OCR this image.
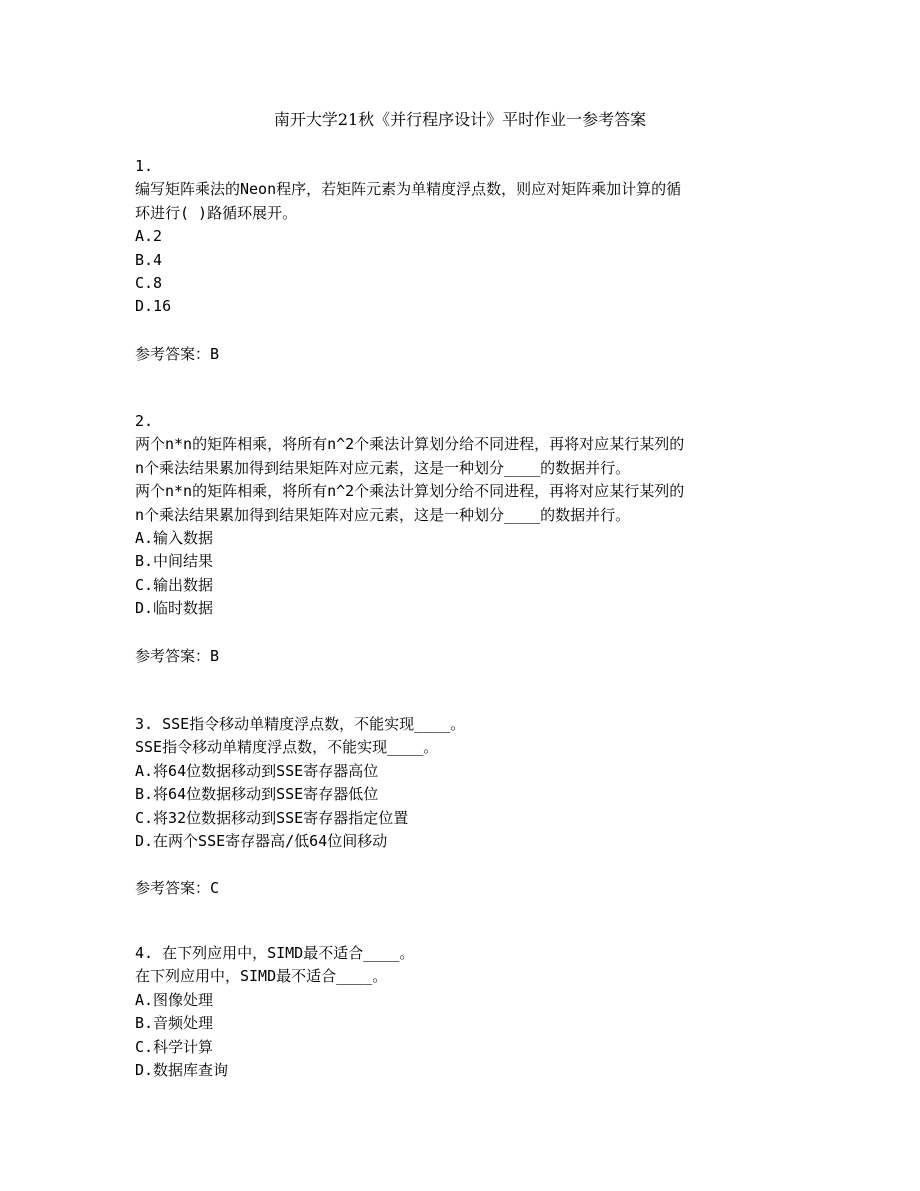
南开大学21秋《并行程序设计》平时作业一参考答案
1.
编写矩阵乘法的Neon程序，若矩阵元素为单精度浮点数，则应对矩阵乘加计算的循
环进行( )路循环展开。
A.2
B.4
C.8
D.16
参考答案：B
2.
两个n*n的矩阵相乘，将所有n^2个乘法计算划分给不同进程，再将对应某行某列的
n个乘法结果累加得到结果矩阵对应元素，这是一种划分____的数据并行。
两个n*n的矩阵相乘，将所有n^2个乘法计算划分给不同进程，再将对应某行某列的
n个乘法结果累加得到结果矩阵对应元素，这是一种划分____的数据并行。
A.输入数据
B.中间结果
C.输出数据
D.临时数据
参考答案：B
3. SSE指令移动单精度浮点数，不能实现____。
SSE指令移动单精度浮点数，不能实现____。
A.将64位数据移动到SSE寄存器高位
B.将64位数据移动到SSE寄存器低位
C.将32位数据移动到SSE寄存器指定位置
D.在两个SSE寄存器高/低64位间移动
参考答案：C
4. 在下列应用中，SIMD最不适合____。
在下列应用中，SIMD最不适合____。
A.图像处理
B.音频处理
C.科学计算
D.数据库查询
